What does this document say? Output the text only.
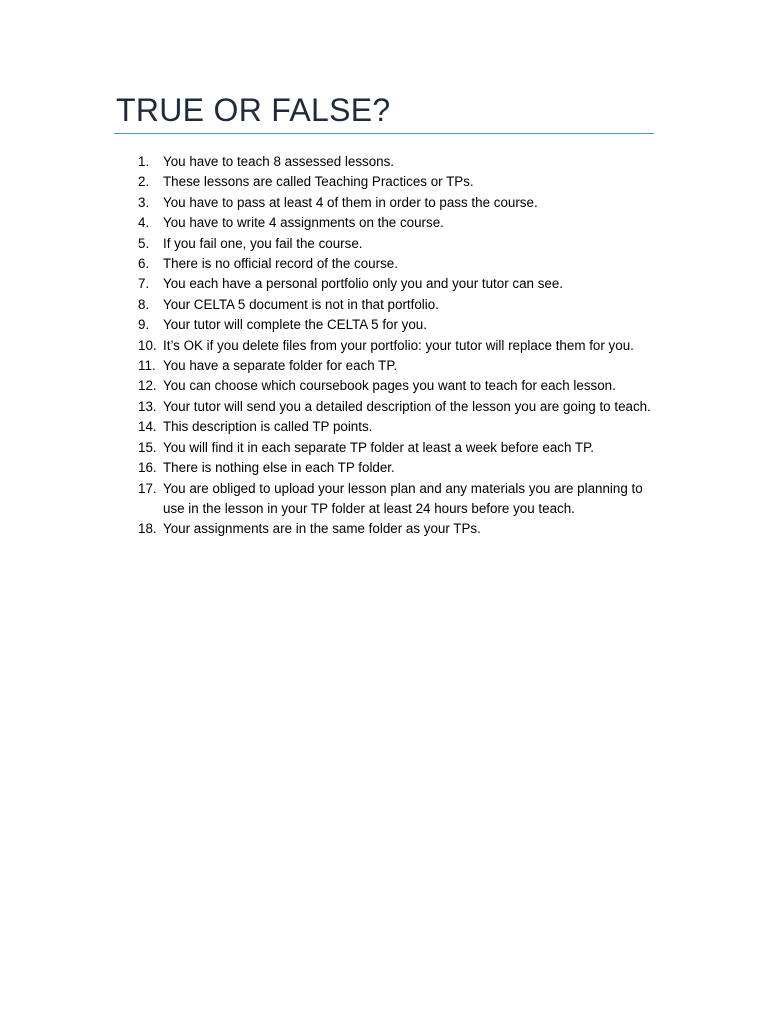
TRUE OR FALSE?
1.	You have to teach 8 assessed lessons.
2.	These lessons are called Teaching Practices or TPs.
3.	You have to pass at least 4 of them in order to pass the course.
4.	You have to write 4 assignments on the course.
5.	If you fail one, you fail the course.
6.	There is no official record of the course.
7.	You each have a personal portfolio only you and your tutor can see.
8.	Your CELTA 5 document is not in that portfolio.
9.	Your tutor will complete the CELTA 5 for you.
10. It’s OK if you delete files from your portfolio: your tutor will replace them for you.
11. You have a separate folder for each TP.
12. You can choose which coursebook pages you want to teach for each lesson.
13. Your tutor will send you a detailed description of the lesson you are going to teach.
14. This description is called TP points.
15. You will find it in each separate TP folder at least a week before each TP.
16. There is nothing else in each TP folder.
17. You are obliged to upload your lesson plan and any materials you are planning to use in the lesson in your TP folder at least 24 hours before you teach.
18. Your assignments are in the same folder as your TPs.
